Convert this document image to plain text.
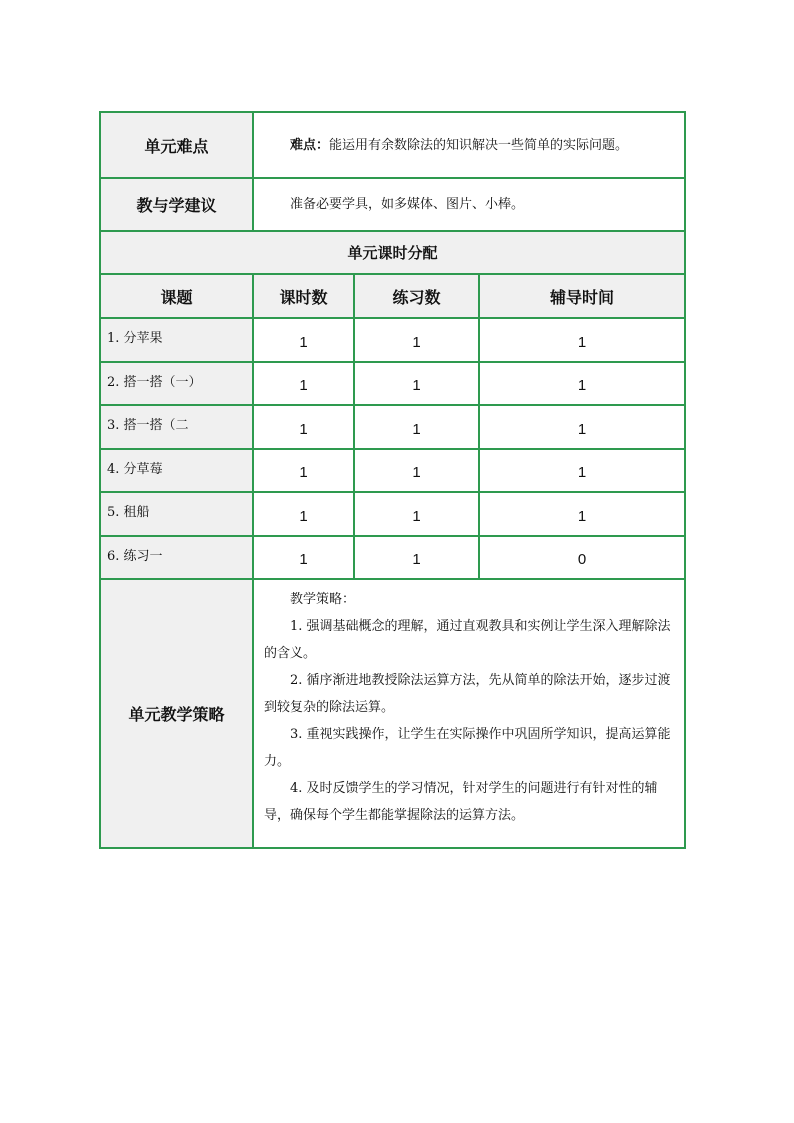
单元难点	难点：能运用有余数除法的知识解决一些简单的实际问题。		

教与学建议	准备必要学具，如多媒体、图片、小棒。		

单元课时分配			
课题	课时数	练习数	辅导时间
1. 分苹果	1	1	1
2. 搭一搭（一）	1	1	1
3. 搭一搭（二	1	1	1
4. 分草莓	1	1	1
5. 租船	1	1	1
6. 练习一	1	1	0
单元教学策略	教学策略：

1. 强调基础概念的理解，通过直观教具和实例让学生深入理解除法的含义。

2. 循序渐进地教授除法运算方法，先从简单的除法开始，逐步过渡到较复杂的除法运算。

3. 重视实践操作，让学生在实际操作中巩固所学知识，提高运算能力。

4. 及时反馈学生的学习情况，针对学生的问题进行有针对性的辅导，确保每个学生都能掌握除法的运算方法。		
